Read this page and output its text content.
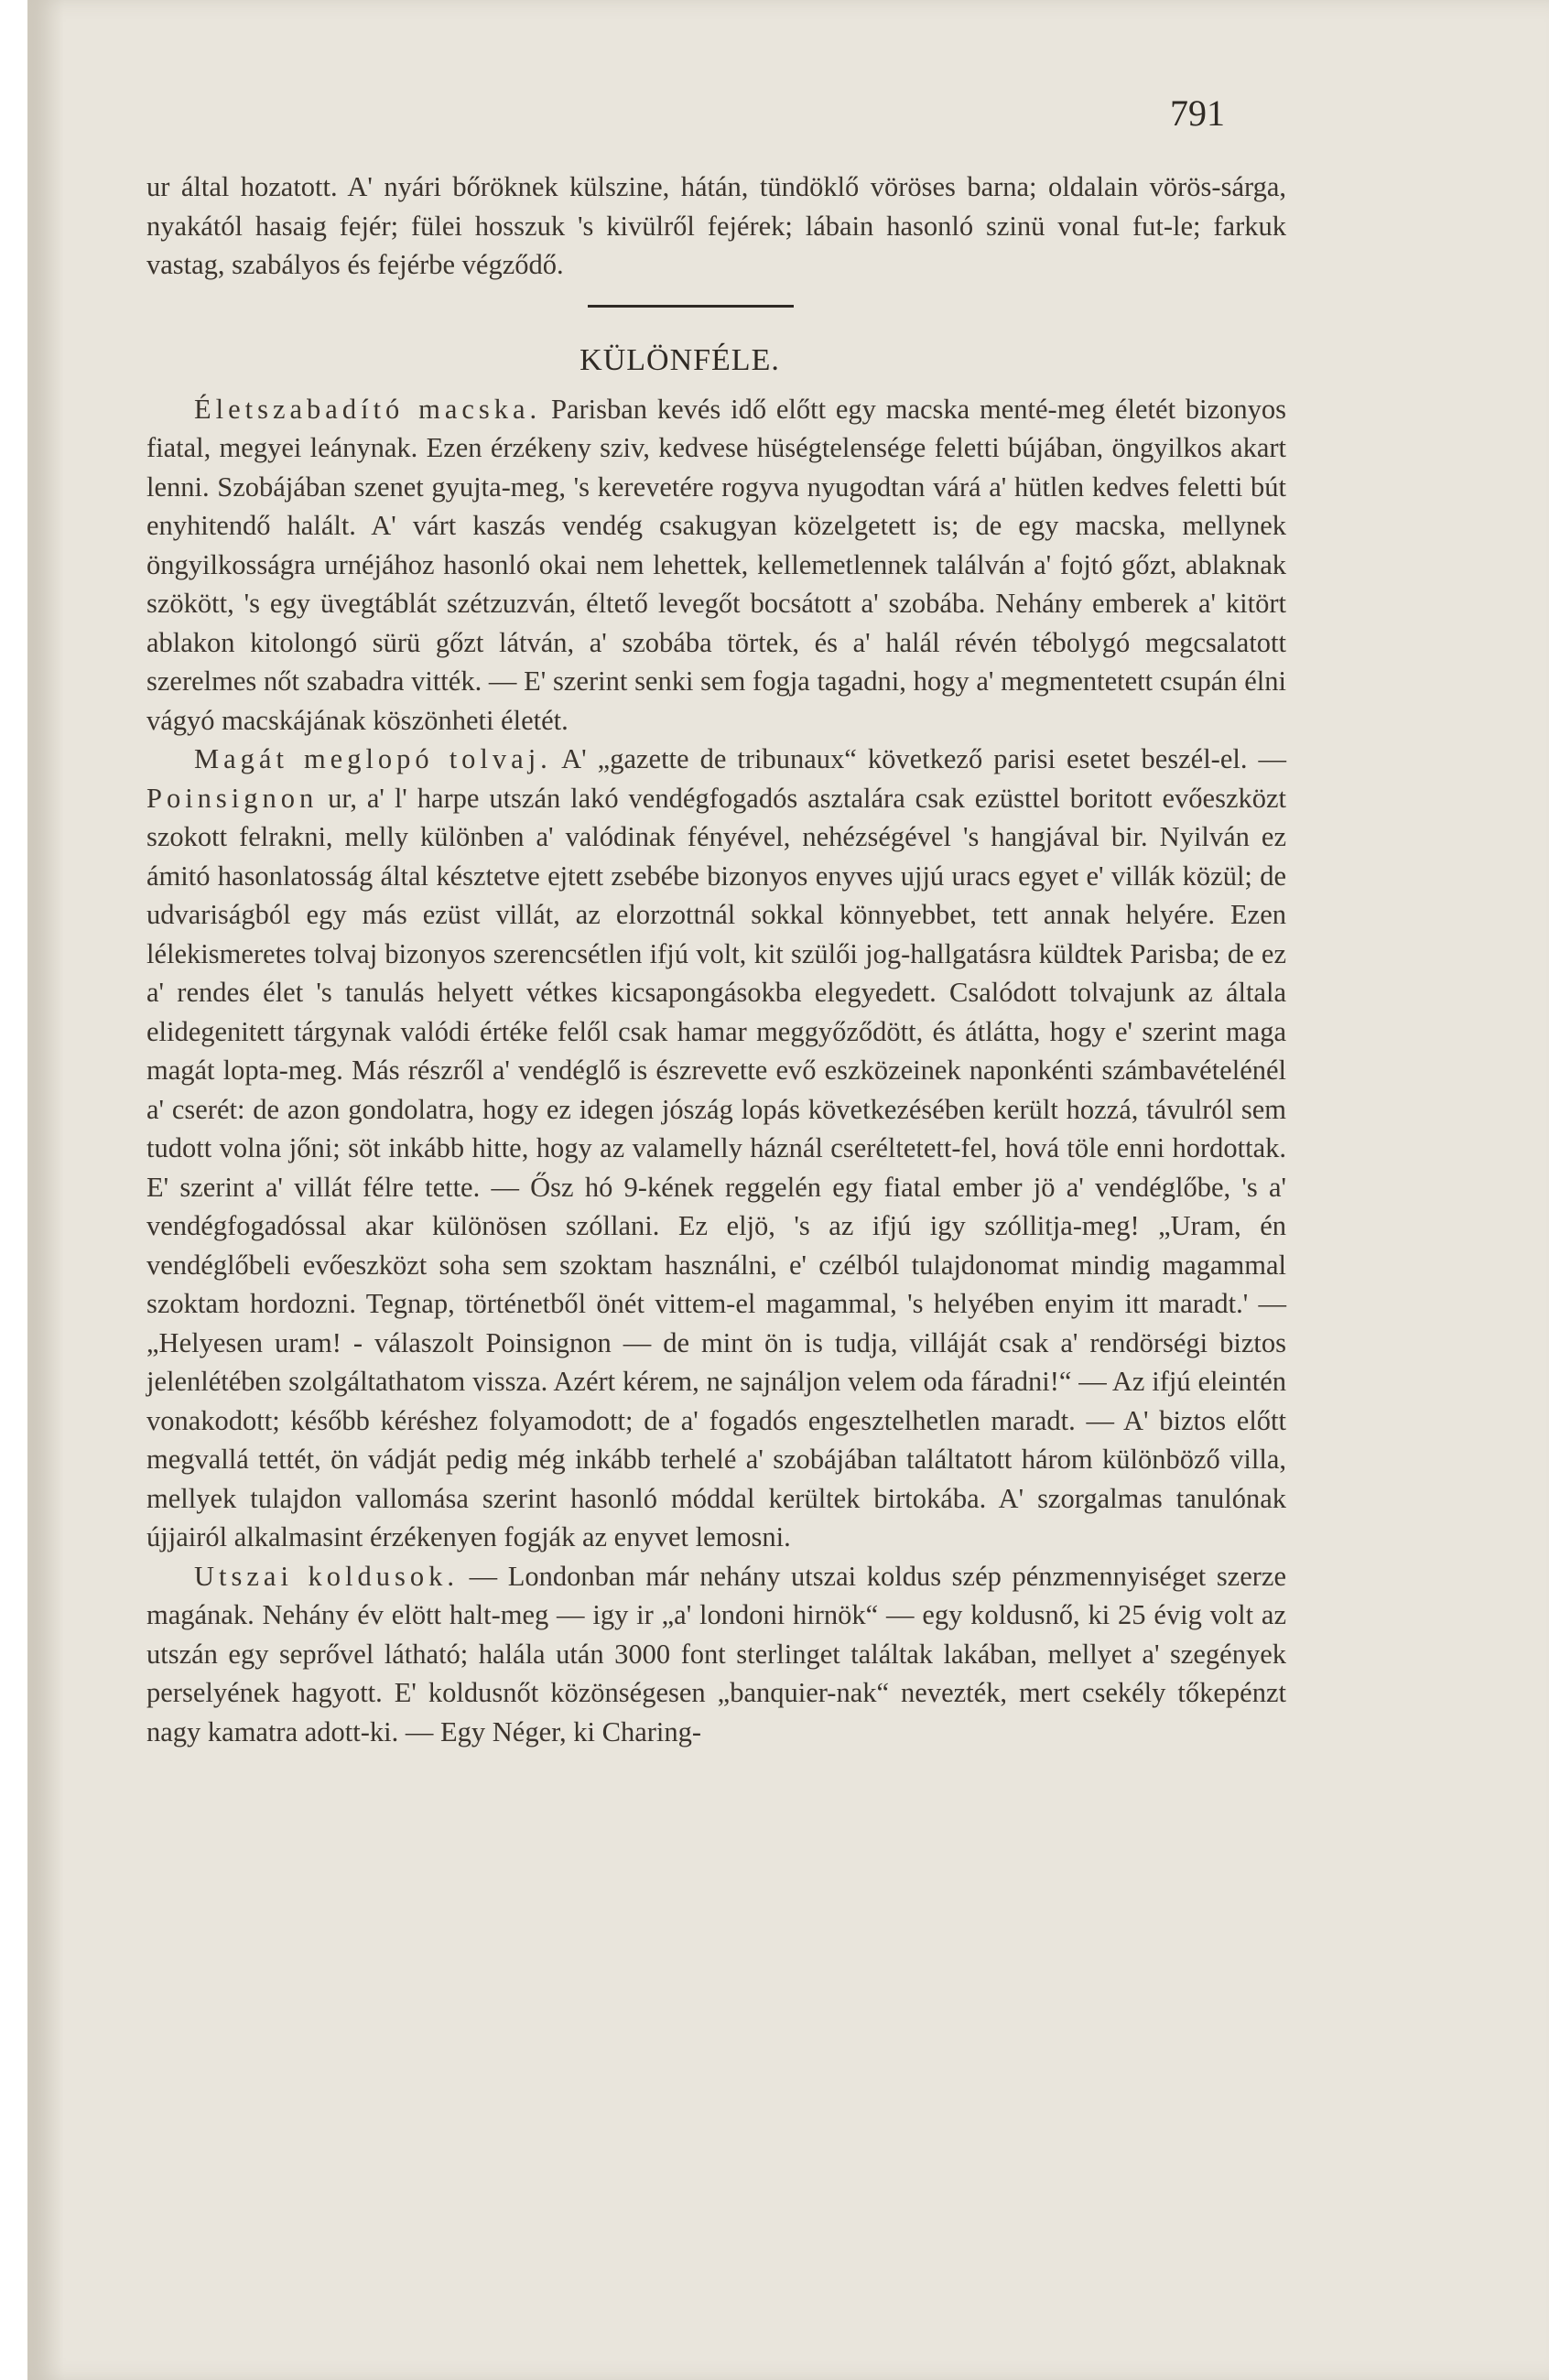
791

ur által hozatott. A' nyári bőröknek külszine, hátán, tündöklő vöröses barna; oldalain vörös-sárga, nyakától hasaig fejér; fülei hosszuk 's kivülről fejérek; lábain hasonló szinü vonal fut-le; farkuk vastag, szabályos és fejérbe végződő.

KÜLÖNFÉLE.

Életszabadító macska. Parisban kevés idő előtt egy macska menté-meg életét bizonyos fiatal, megyei leánynak. Ezen érzékeny sziv, kedvese hüségtelensége feletti bújában, öngyilkos akart lenni. Szobájában szenet gyujta-meg, 's kerevetére rogyva nyugodtan várá a' hütlen kedves feletti bút enyhitendő halált. A' várt kaszás vendég csakugyan közelgetett is; de egy macska, mellynek öngyilkosságra urnéjához hasonló okai nem lehettek, kellemetlennek találván a' fojtó gőzt, ablaknak szökött, 's egy üvegtáblát szétzuzván, éltető levegőt bocsátott a' szobába. Nehány emberek a' kitört ablakon kitolongó sürü gőzt látván, a' szobába törtek, és a' halál révén tébolygó megcsalatott szerelmes nőt szabadra vitték. — E' szerint senki sem fogja tagadni, hogy a' megmentetett csupán élni vágyó macskájának köszönheti életét.

Magát meglopó tolvaj. A' „gazette de tribunaux“ következő parisi esetet beszél-el. — Poinsignon ur, a' l' harpe utszán lakó vendégfogadós asztalára csak ezüsttel boritott evőeszközt szokott felrakni, melly különben a' valódinak fényével, nehézségével 's hangjával bir. Nyilván ez ámitó hasonlatosság által késztetve ejtett zsebébe bizonyos enyves ujjú uracs egyet e' villák közül; de udvariságból egy más ezüst villát, az elorzottnál sokkal könnyebbet, tett annak helyére. Ezen lélekismeretes tolvaj bizonyos szerencsétlen ifjú volt, kit szülői jog-hallgatásra küldtek Parisba; de ez a' rendes élet 's tanulás helyett vétkes kicsapongásokba elegyedett. Csalódott tolvajunk az általa elidegenitett tárgynak valódi értéke felől csak hamar meggyőződött, és átlátta, hogy e' szerint maga magát lopta-meg. Más részről a' vendéglő is észrevette evő eszközeinek naponkénti számbavételénél a' cserét: de azon gondolatra, hogy ez idegen jószág lopás következésében került hozzá, távulról sem tudott volna jőni; söt inkább hitte, hogy az valamelly háznál cseréltetett-fel, hová töle enni hordottak. E' szerint a' villát félre tette. — Ősz hó 9-kének reggelén egy fiatal ember jö a' vendéglőbe, 's a' vendégfogadóssal akar különösen szóllani. Ez eljö, 's az ifjú igy szóllitja-meg! „Uram, én vendéglőbeli evőeszközt soha sem szoktam használni, e' czélból tulajdonomat mindig magammal szoktam hordozni. Tegnap, történetből önét vittem-el magammal, 's helyében enyim itt maradt.' — „Helyesen uram! - válaszolt Poinsignon — de mint ön is tudja, villáját csak a' rendörségi biztos jelenlétében szolgáltathatom vissza. Azért kérem, ne sajnáljon velem oda fáradni!“ — Az ifjú eleintén vonakodott; később kéréshez folyamodott; de a' fogadós engesztelhetlen maradt. — A' biztos előtt megvallá tettét, ön vádját pedig még inkább terhelé a' szobájában találtatott három különböző villa, mellyek tulajdon vallomása szerint hasonló móddal kerültek birtokába. A' szorgalmas tanulónak újjairól alkalmasint érzékenyen fogják az enyvet lemosni.

Utszai koldusok. — Londonban már nehány utszai koldus szép pénzmennyiséget szerze magának. Nehány év elött halt-meg — igy ir „a' londoni hirnök“ — egy koldusnő, ki 25 évig volt az utszán egy seprővel látható; halála után 3000 font sterlinget találtak lakában, mellyet a' szegények perselyének hagyott. E' koldusnőt közönségesen „banquier-nak“ nevezték, mert csekély tőkepénzt nagy kamatra adott-ki. — Egy Néger, ki Charing-
